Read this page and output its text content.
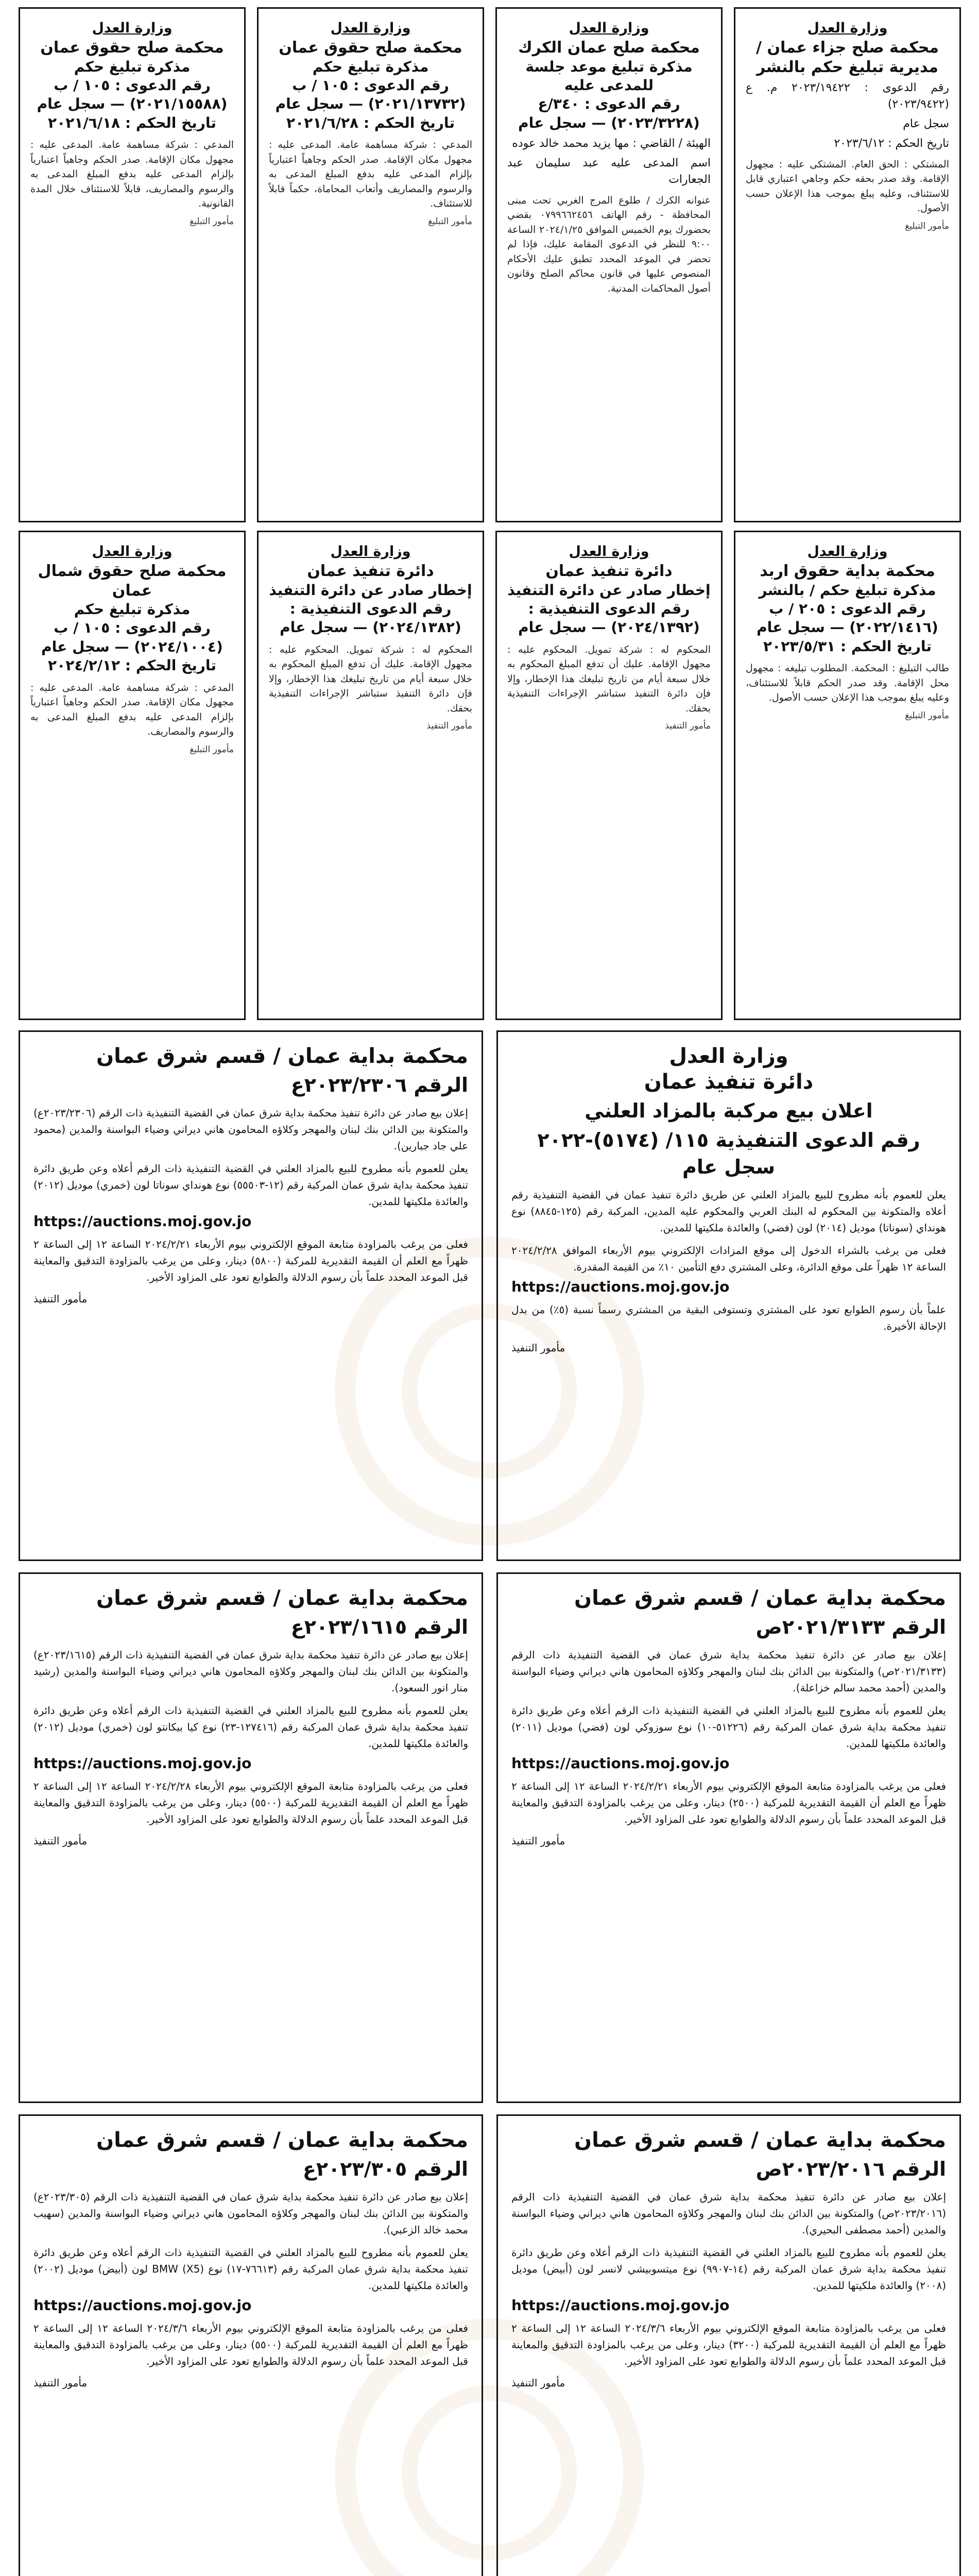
وزارة العدل
محكمة صلح جزاء عمان / مديرية تبليغ حكم بالنشر
رقم الدعوى : ٢٠٢٣/١٩٤٢٢ م. ع (٢٠٢٣/٩٤٢٢)
سجل عام
تاريخ الحكم : ٢٠٢٣/٦/١٢
المشتكي : الحق العام. المشتكى عليه : مجهول الإقامة. وقد صدر بحقه حكم وجاهي اعتباري قابل للاستئناف، وعليه يبلغ بموجب هذا الإعلان حسب الأصول.
مأمور التبليغ
وزارة العدل
محكمة صلح عمان الكرك
مذكرة تبليغ موعد جلسة للمدعى عليه
رقم الدعوى : ٣٤٠/ع (٢٠٢٣/٣٢٢٨) — سجل عام
الهيئة / القاضي : مها يزيد محمد خالد عوده
اسم المدعى عليه عبد سليمان عبد الجعارات
عنوانه الكرك / طلوع المرج الغربي تحت مبنى المحافظة - رقم الهاتف ٠٧٩٩٦٦٢٤٥٦ بقضي بحضورك يوم الخميس الموافق ٢٠٢٤/١/٢٥ الساعة ٩:٠٠ للنظر في الدعوى المقامة عليك، فإذا لم تحضر في الموعد المحدد تطبق عليك الأحكام المنصوص عليها في قانون محاكم الصلح وقانون أصول المحاكمات المدنية.
وزارة العدل
محكمة صلح حقوق عمان
مذكرة تبليغ حكم
رقم الدعوى : ١٠٥ / ب
(٢٠٢١/١٣٧٣٢) — سجل عام
تاريخ الحكم : ٢٠٢١/٦/٢٨
المدعي : شركة مساهمة عامة. المدعى عليه : مجهول مكان الإقامة. صدر الحكم وجاهياً اعتبارياً بإلزام المدعى عليه بدفع المبلغ المدعى به والرسوم والمصاريف وأتعاب المحاماة، حكماً قابلاً للاستئناف.
مأمور التبليغ
وزارة العدل
محكمة صلح حقوق عمان
مذكرة تبليغ حكم
رقم الدعوى : ١٠٥ / ب
(٢٠٢١/١٥٥٨٨) — سجل عام
تاريخ الحكم : ٢٠٢١/٦/١٨
المدعي : شركة مساهمة عامة. المدعى عليه : مجهول مكان الإقامة. صدر الحكم وجاهياً اعتبارياً بإلزام المدعى عليه بدفع المبلغ المدعى به والرسوم والمصاريف، قابلاً للاستئناف خلال المدة القانونية.
مأمور التبليغ
وزارة العدل
محكمة بداية حقوق اربد
مذكرة تبليغ حكم / بالنشر
رقم الدعوى : ٢٠٥ / ب
(٢٠٢٢/١٤١٦) — سجل عام
تاريخ الحكم : ٢٠٢٣/٥/٣١
طالب التبليغ : المحكمة. المطلوب تبليغه : مجهول محل الإقامة. وقد صدر الحكم قابلاً للاستئناف، وعليه يبلغ بموجب هذا الإعلان حسب الأصول.
مأمور التبليغ
وزارة العدل
دائرة تنفيذ عمان
إخطار صادر عن دائرة التنفيذ
رقم الدعوى التنفيذية :
(٢٠٢٤/١٣٩٢) — سجل عام
المحكوم له : شركة تمويل. المحكوم عليه : مجهول الإقامة. عليك أن تدفع المبلغ المحكوم به خلال سبعة أيام من تاريخ تبليغك هذا الإخطار، وإلا فإن دائرة التنفيذ ستباشر الإجراءات التنفيذية بحقك.
مأمور التنفيذ
وزارة العدل
دائرة تنفيذ عمان
إخطار صادر عن دائرة التنفيذ
رقم الدعوى التنفيذية :
(٢٠٢٤/١٣٨٢) — سجل عام
المحكوم له : شركة تمويل. المحكوم عليه : مجهول الإقامة. عليك أن تدفع المبلغ المحكوم به خلال سبعة أيام من تاريخ تبليغك هذا الإخطار، وإلا فإن دائرة التنفيذ ستباشر الإجراءات التنفيذية بحقك.
مأمور التنفيذ
وزارة العدل
محكمة صلح حقوق شمال عمان
مذكرة تبليغ حكم
رقم الدعوى : ١٠٥ / ب
(٢٠٢٤/١٠٠٤) — سجل عام
تاريخ الحكم : ٢٠٢٤/٢/١٢
المدعي : شركة مساهمة عامة. المدعى عليه : مجهول مكان الإقامة. صدر الحكم وجاهياً اعتبارياً بإلزام المدعى عليه بدفع المبلغ المدعى به والرسوم والمصاريف.
مأمور التبليغ
وزارة العدل
دائرة تنفيذ عمان
اعلان بيع مركبة بالمزاد العلني
رقم الدعوى التنفيذية ١١٥/ (٥١٧٤)-٢٠٢٢ سجل عام

يعلن للعموم بأنه مطروح للبيع بالمزاد العلني عن طريق دائرة تنفيذ عمان في القضية التنفيذية رقم أعلاه والمتكونة بين المحكوم له البنك العربي والمحكوم عليه المدين، المركبة رقم (١٢٥-٨٨٤٥) نوع هونداي (سوناتا) موديل (٢٠١٤) لون (فضي) والعائدة ملكيتها للمدين.

فعلى من يرغب بالشراء الدخول إلى موقع المزادات الإلكتروني بيوم الأربعاء الموافق ٢٠٢٤/٢/٢٨ الساعة ١٢ ظهراً على موقع الدائرة، وعلى المشتري دفع التأمين ١٠٪ من القيمة المقدرة.

https://auctions.moj.gov.jo

علماً بأن رسوم الطوابع تعود على المشتري وتستوفى البقية من المشتري رسماً نسبة (٥٪) من بدل الإحالة الأخيرة.

مأمور التنفيذ
محكمة بداية عمان / قسم شرق عمان
الرقم ٢٠٢٣/٢٣٠٦ع

إعلان بيع صادر عن دائرة تنفيذ محكمة بداية شرق عمان في القضية التنفيذية ذات الرقم (٢٠٢٣/٢٣٠٦ع) والمتكونة بين الدائن بنك لبنان والمهجر وكلاؤه المحامون هاني ديراني وضياء البواسنة والمدين (محمود علي جاد جبارين).

يعلن للعموم بأنه مطروح للبيع بالمزاد العلني في القضية التنفيذية ذات الرقم أعلاه وعن طريق دائرة تنفيذ محكمة بداية شرق عمان المركبة رقم (١٢-٥٥٥٠٣) نوع هونداي سوناتا لون (خمري) موديل (٢٠١٢) والعائدة ملكيتها للمدين.

https://auctions.moj.gov.jo

فعلى من يرغب بالمزاودة متابعة الموقع الإلكتروني بيوم الأربعاء ٢٠٢٤/٢/٢١ الساعة ١٢ إلى الساعة ٢ ظهراً مع العلم أن القيمة التقديرية للمركبة (٥٨٠٠) دينار، وعلى من يرغب بالمزاودة التدقيق والمعاينة قبل الموعد المحدد علماً بأن رسوم الدلالة والطوابع تعود على المزاود الأخير.

مأمور التنفيذ
محكمة بداية عمان / قسم شرق عمان
الرقم ٢٠٢١/٣١٣٣ص

إعلان بيع صادر عن دائرة تنفيذ محكمة بداية شرق عمان في القضية التنفيذية ذات الرقم (٢٠٢١/٣١٣٣ص) والمتكونة بين الدائن بنك لبنان والمهجر وكلاؤه المحامون هاني ديراني وضياء البواسنة والمدين (أحمد محمد سالم خزاعلة).

يعلن للعموم بأنه مطروح للبيع بالمزاد العلني في القضية التنفيذية ذات الرقم أعلاه وعن طريق دائرة تنفيذ محكمة بداية شرق عمان المركبة رقم (٥١٢٢٦-١٠) نوع سوزوكي لون (فضي) موديل (٢٠١١) والعائدة ملكيتها للمدين.

https://auctions.moj.gov.jo

فعلى من يرغب بالمزاودة متابعة الموقع الإلكتروني بيوم الأربعاء ٢٠٢٤/٢/٢١ الساعة ١٢ إلى الساعة ٢ ظهراً مع العلم أن القيمة التقديرية للمركبة (٢٥٠٠) دينار، وعلى من يرغب بالمزاودة التدقيق والمعاينة قبل الموعد المحدد علماً بأن رسوم الدلالة والطوابع تعود على المزاود الأخير.

مأمور التنفيذ
محكمة بداية عمان / قسم شرق عمان
الرقم ٢٠٢٣/١٦١٥ع

إعلان بيع صادر عن دائرة تنفيذ محكمة بداية شرق عمان في القضية التنفيذية ذات الرقم (٢٠٢٣/١٦١٥ع) والمتكونة بين الدائن بنك لبنان والمهجر وكلاؤه المحامون هاني ديراني وضياء البواسنة والمدين (رشيد منار انور السعود).

يعلن للعموم بأنه مطروح للبيع بالمزاد العلني في القضية التنفيذية ذات الرقم أعلاه وعن طريق دائرة تنفيذ محكمة بداية شرق عمان المركبة رقم (١٢٧٤١٦-٢٣) نوع كيا بيكانتو لون (خمري) موديل (٢٠١٢) والعائدة ملكيتها للمدين.

https://auctions.moj.gov.jo

فعلى من يرغب بالمزاودة متابعة الموقع الإلكتروني بيوم الأربعاء ٢٠٢٤/٢/٢٨ الساعة ١٢ إلى الساعة ٢ ظهراً مع العلم أن القيمة التقديرية للمركبة (٥٥٠٠) دينار، وعلى من يرغب بالمزاودة التدقيق والمعاينة قبل الموعد المحدد علماً بأن رسوم الدلالة والطوابع تعود على المزاود الأخير.

مأمور التنفيذ
محكمة بداية عمان / قسم شرق عمان
الرقم ٢٠٢٣/٢٠١٦ص

إعلان بيع صادر عن دائرة تنفيذ محكمة بداية شرق عمان في القضية التنفيذية ذات الرقم (٢٠٢٣/٢٠١٦ص) والمتكونة بين الدائن بنك لبنان والمهجر وكلاؤه المحامون هاني ديراني وضياء البواسنة والمدين (أحمد مصطفى البحيري).

يعلن للعموم بأنه مطروح للبيع بالمزاد العلني في القضية التنفيذية ذات الرقم أعلاه وعن طريق دائرة تنفيذ محكمة بداية شرق عمان المركبة رقم (١٤-٩٩٠٧) نوع ميتسوبيشي لانسر لون (أبيض) موديل (٢٠٠٨) والعائدة ملكيتها للمدين.

https://auctions.moj.gov.jo

فعلى من يرغب بالمزاودة متابعة الموقع الإلكتروني بيوم الأربعاء ٢٠٢٤/٣/٦ الساعة ١٢ إلى الساعة ٢ ظهراً مع العلم أن القيمة التقديرية للمركبة (٣٢٠٠) دينار، وعلى من يرغب بالمزاودة التدقيق والمعاينة قبل الموعد المحدد علماً بأن رسوم الدلالة والطوابع تعود على المزاود الأخير.

مأمور التنفيذ
محكمة بداية عمان / قسم شرق عمان
الرقم ٢٠٢٣/٣٠٥ع

إعلان بيع صادر عن دائرة تنفيذ محكمة بداية شرق عمان في القضية التنفيذية ذات الرقم (٢٠٢٣/٣٠٥ع) والمتكونة بين الدائن بنك لبنان والمهجر وكلاؤه المحامون هاني ديراني وضياء البواسنة والمدين (سهيب محمد خالد الزعبي).

يعلن للعموم بأنه مطروح للبيع بالمزاد العلني في القضية التنفيذية ذات الرقم أعلاه وعن طريق دائرة تنفيذ محكمة بداية شرق عمان المركبة رقم (٧٦٦١٣-١٧) نوع BMW (X5) لون (أبيض) موديل (٢٠٠٢) والعائدة ملكيتها للمدين.

https://auctions.moj.gov.jo

فعلى من يرغب بالمزاودة متابعة الموقع الإلكتروني بيوم الأربعاء ٢٠٢٤/٣/٦ الساعة ١٢ إلى الساعة ٢ ظهراً مع العلم أن القيمة التقديرية للمركبة (٥٥٠٠) دينار، وعلى من يرغب بالمزاودة التدقيق والمعاينة قبل الموعد المحدد علماً بأن رسوم الدلالة والطوابع تعود على المزاود الأخير.

مأمور التنفيذ
